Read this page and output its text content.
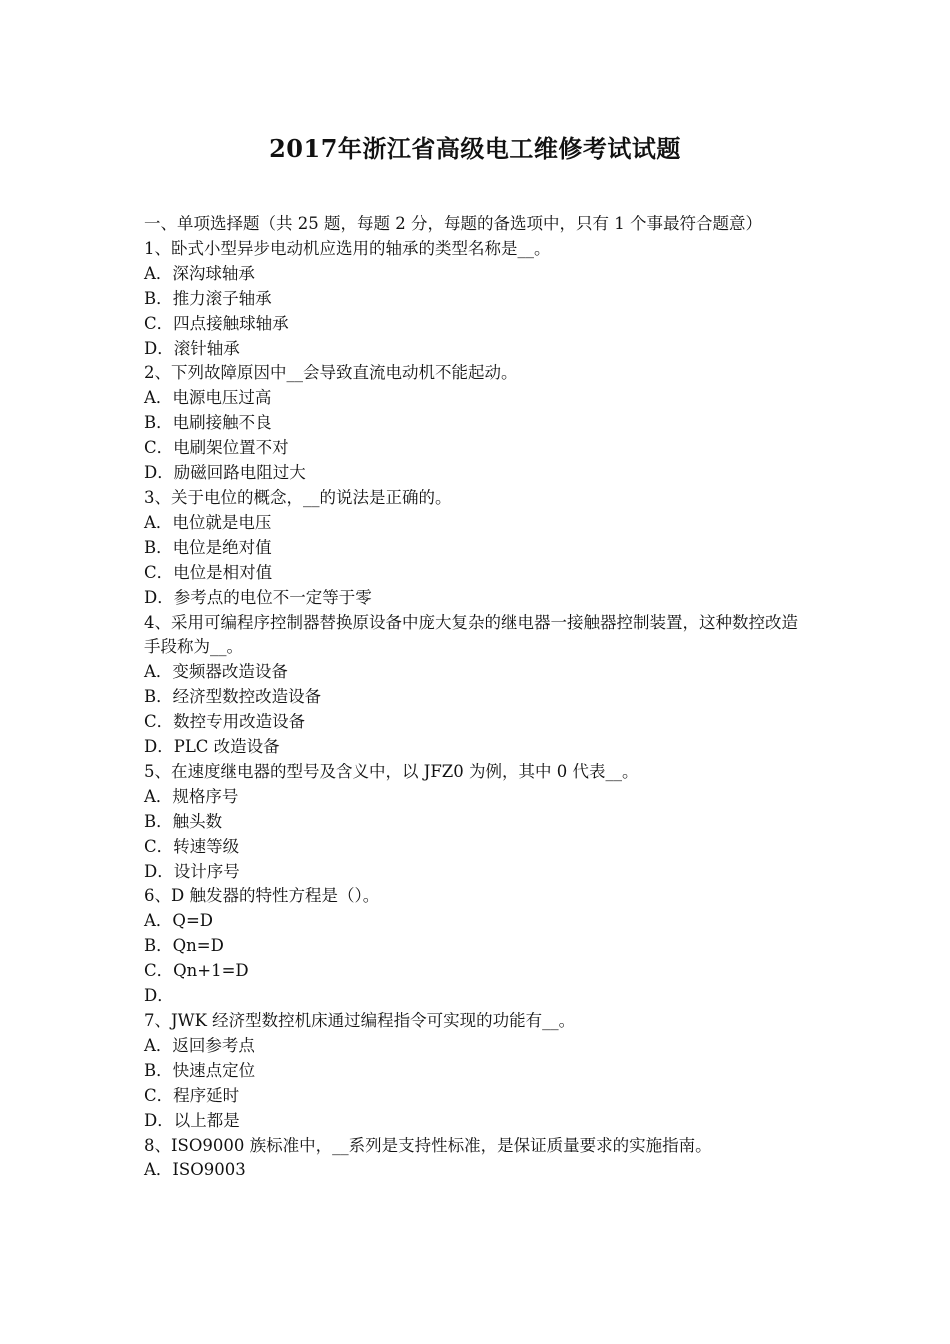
2017年浙江省高级电工维修考试试题

一、单项选择题（共 25 题，每题 2 分，每题的备选项中，只有 1 个事最符合题意）

1、卧式小型异步电动机应选用的轴承的类型名称是__。

A．深沟球轴承

B．推力滚子轴承

C．四点接触球轴承

D．滚针轴承

2、下列故障原因中__会导致直流电动机不能起动。

A．电源电压过高

B．电刷接触不良

C．电刷架位置不对

D．励磁回路电阻过大

3、关于电位的概念，__的说法是正确的。

A．电位就是电压

B．电位是绝对值

C．电位是相对值

D．参考点的电位不一定等于零

4、采用可编程序控制器替换原设备中庞大复杂的继电器一接触器控制装置，这种数控改造手段称为__。

A．变频器改造设备

B．经济型数控改造设备

C．数控专用改造设备

D．PLC 改造设备

5、在速度继电器的型号及含义中，以 JFZ0 为例，其中 0 代表__。

A．规格序号

B．触头数

C．转速等级

D．设计序号

6、D 触发器的特性方程是（）。

A．Q=D

B．Qn=D

C．Qn+1=D

D．

7、JWK 经济型数控机床通过编程指令可实现的功能有__。

A．返回参考点

B．快速点定位

C．程序延时

D．以上都是

8、ISO9000 族标准中，__系列是支持性标准，是保证质量要求的实施指南。

A．ISO9003
